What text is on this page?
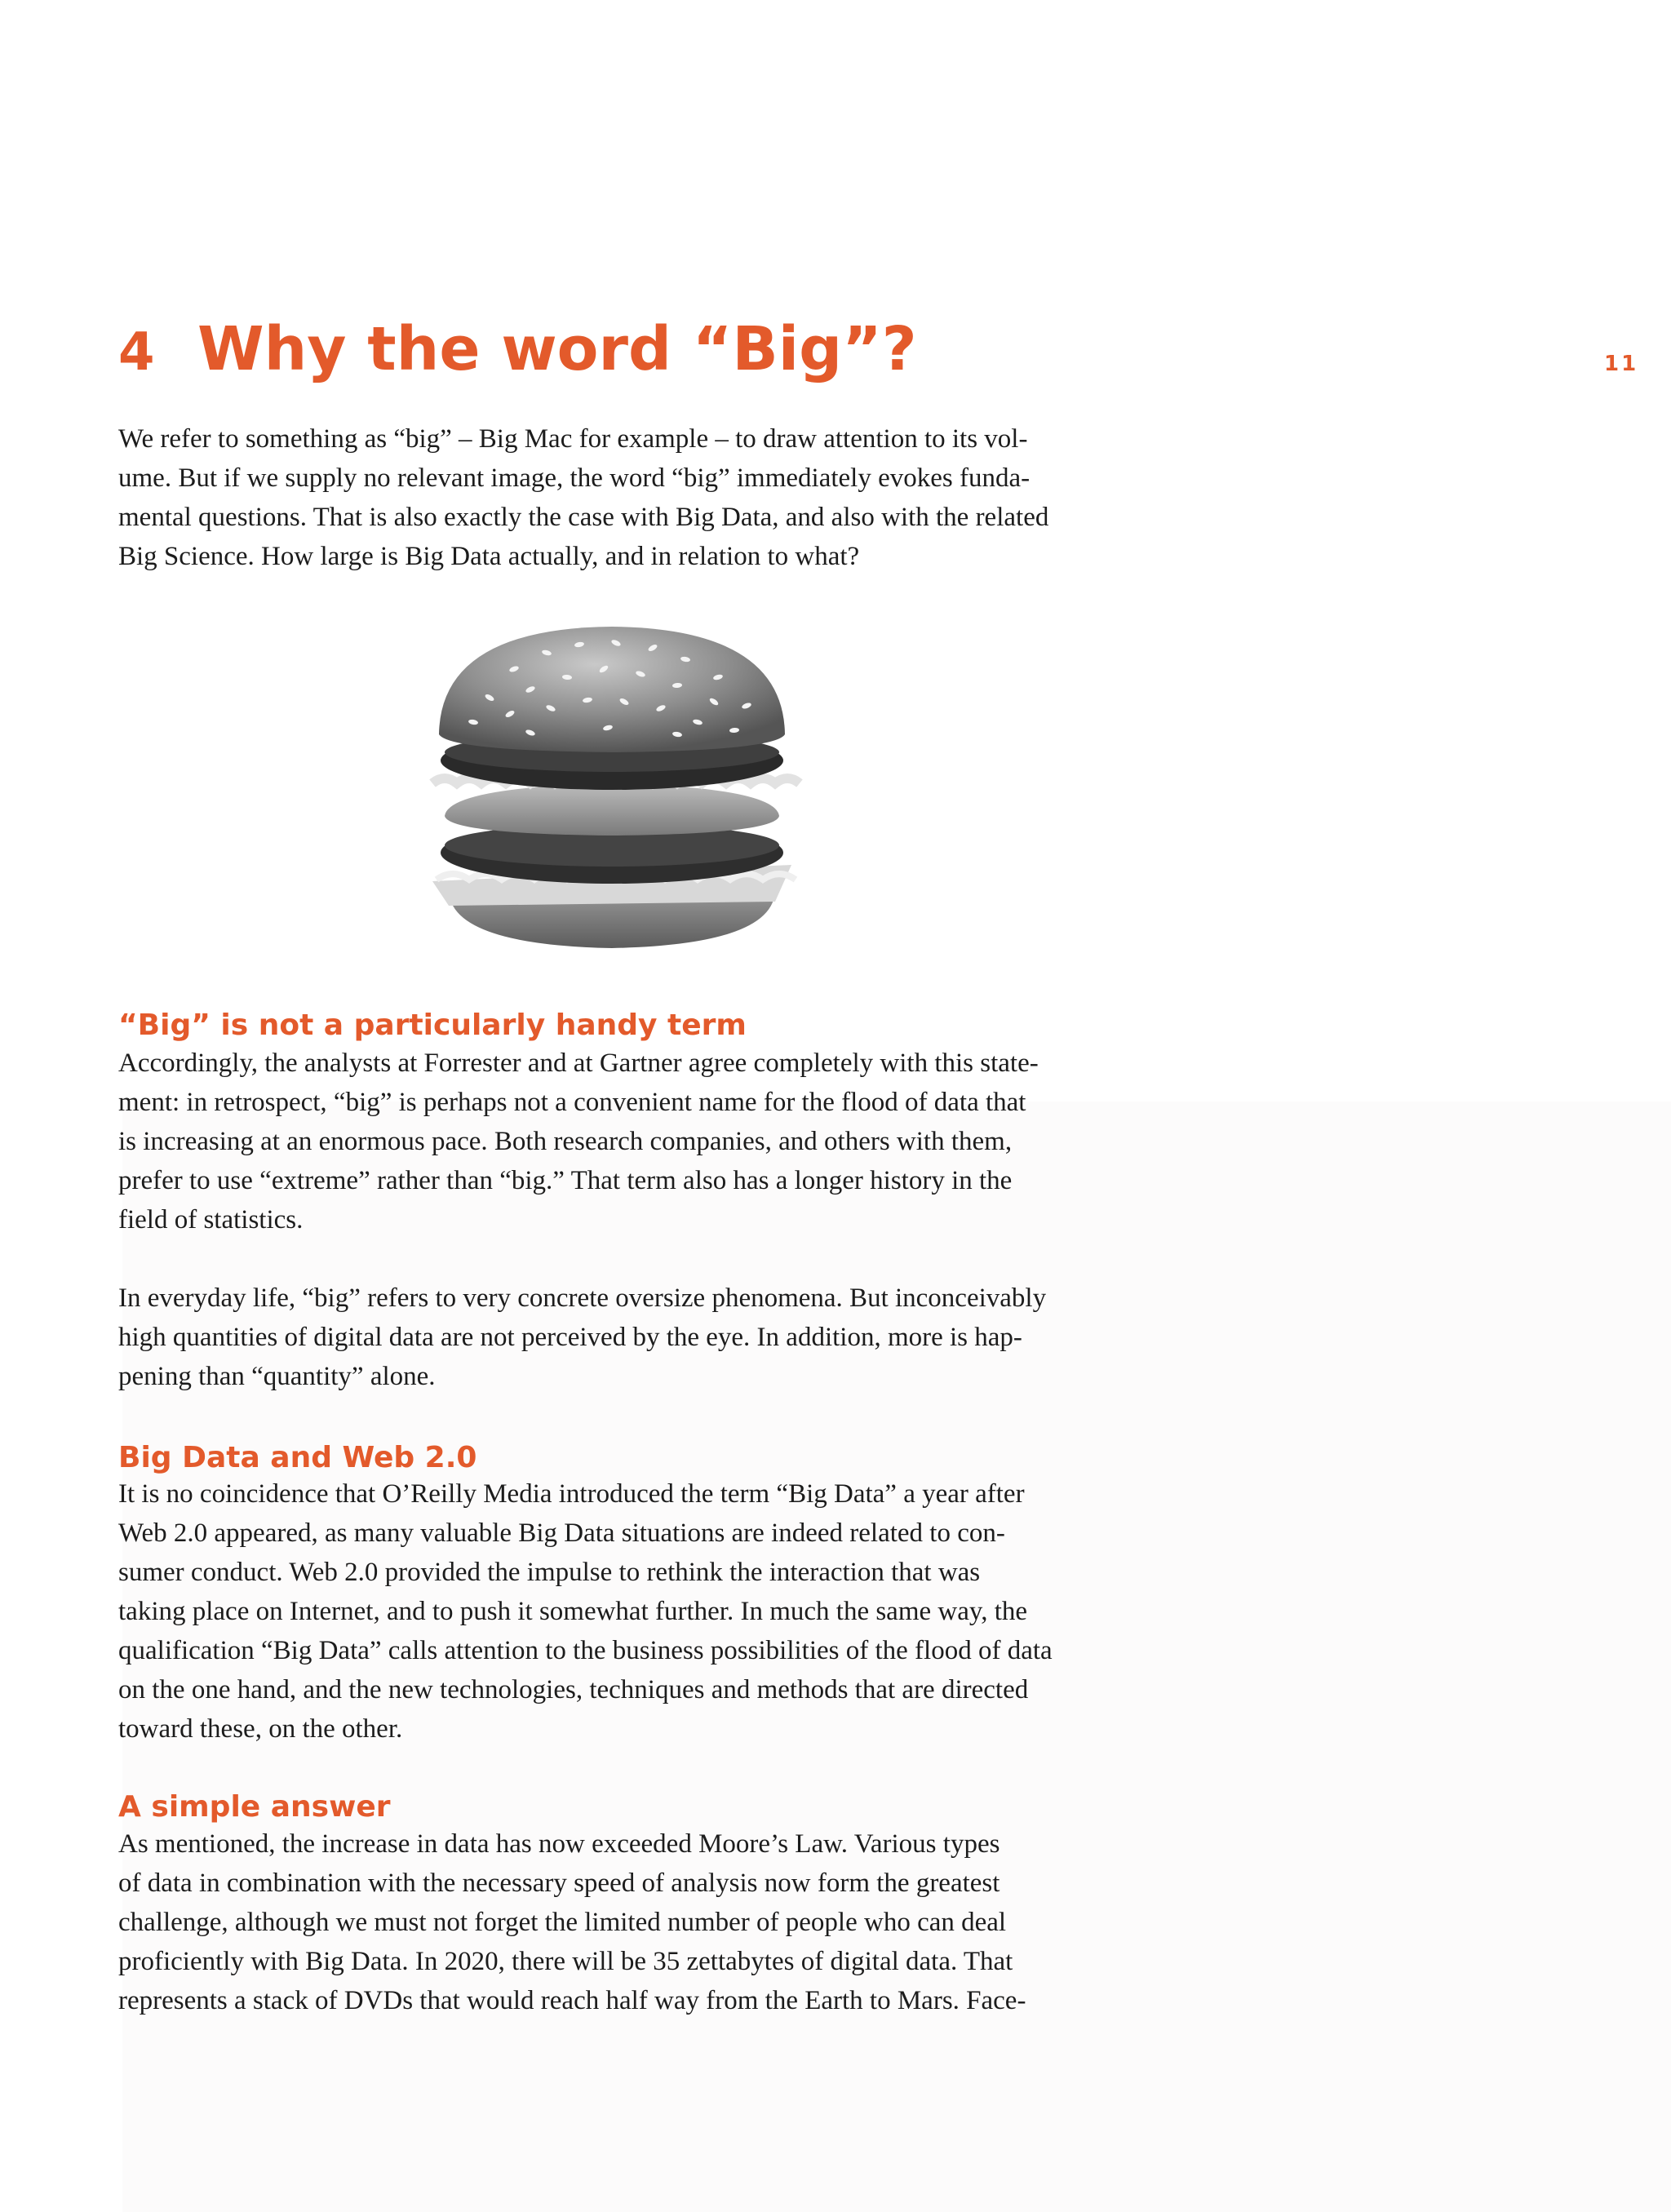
11
4 Why the word “Big”?

We refer to something as “big” – Big Mac for example – to draw attention to its vol-
ume. But if we supply no relevant image, the word “big” immediately evokes funda-
mental questions. That is also exactly the case with Big Data, and also with the related
Big Science. How large is Big Data actually, and in relation to what?

“Big” is not a particularly handy term

Accordingly, the analysts at Forrester and at Gartner agree completely with this state-
ment: in retrospect, “big” is perhaps not a convenient name for the flood of data that
is increasing at an enormous pace. Both research companies, and others with them,
prefer to use “extreme” rather than “big.” That term also has a longer history in the
field of statistics.

In everyday life, “big” refers to very concrete oversize phenomena. But inconceivably
high quantities of digital data are not perceived by the eye. In addition, more is hap-
pening than “quantity” alone.

Big Data and Web 2.0

It is no coincidence that O’Reilly Media introduced the term “Big Data” a year after
Web 2.0 appeared, as many valuable Big Data situations are indeed related to con-
sumer conduct. Web 2.0 provided the impulse to rethink the interaction that was
taking place on Internet, and to push it somewhat further. In much the same way, the
qualification “Big Data” calls attention to the business possibilities of the flood of data
on the one hand, and the new technologies, techniques and methods that are directed
toward these, on the other.

A simple answer

As mentioned, the increase in data has now exceeded Moore’s Law. Various types
of data in combination with the necessary speed of analysis now form the greatest
challenge, although we must not forget the limited number of people who can deal
proficiently with Big Data. In 2020, there will be 35 zettabytes of digital data. That
represents a stack of DVDs that would reach half way from the Earth to Mars. Face-
